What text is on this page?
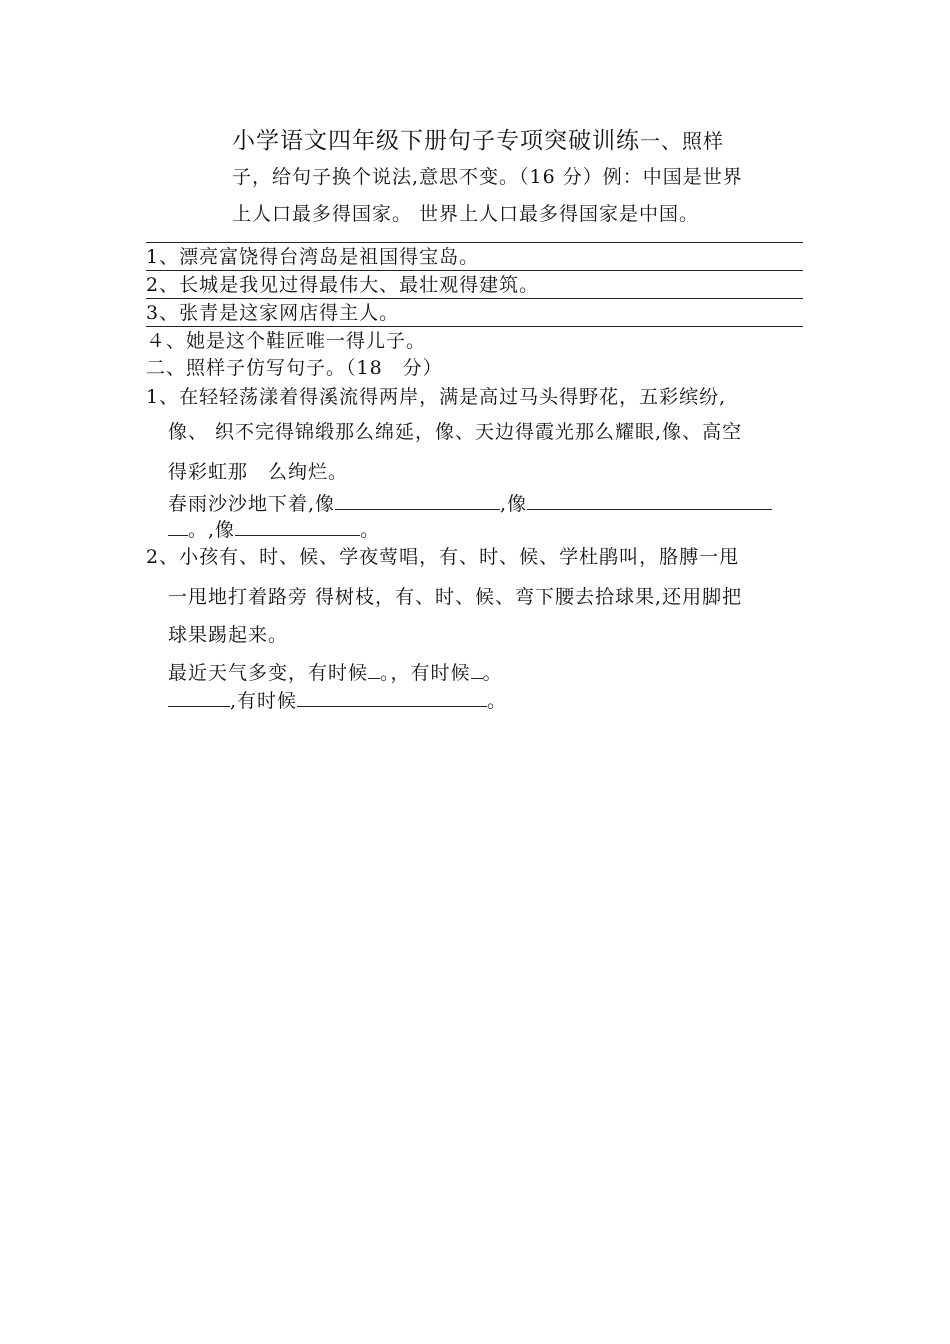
小学语文四年级下册句子专项突破训练一、照样
子，给句子换个说法,意思不变。（16 分）例：中国是世界
上人口最多得国家。 世界上人口最多得国家是中国。
1、漂亮富饶得台湾岛是祖国得宝岛。
2、长城是我见过得最伟大、最壮观得建筑。
3、张青是这家网店得主人。
４、她是这个鞋匠唯一得儿子。
二、照样子仿写句子。（18　分）
1、在轻轻荡漾着得溪流得两岸，满是高过马头得野花，五彩缤纷,
像、 织不完得锦缎那么绵延，像、天边得霞光那么耀眼,像、高空
得彩虹那　么绚烂。
春雨沙沙地下着,像	,像
。,像	。
2、小孩有、时、候、学夜莺唱，有、时、候、学杜鹃叫，胳膊一甩
一甩地打着路旁 得树枝，有、时、候、弯下腰去拾球果,还用脚把
球果踢起来。
最近天气多变，有时候 。，有时候 。
,有时候	。
